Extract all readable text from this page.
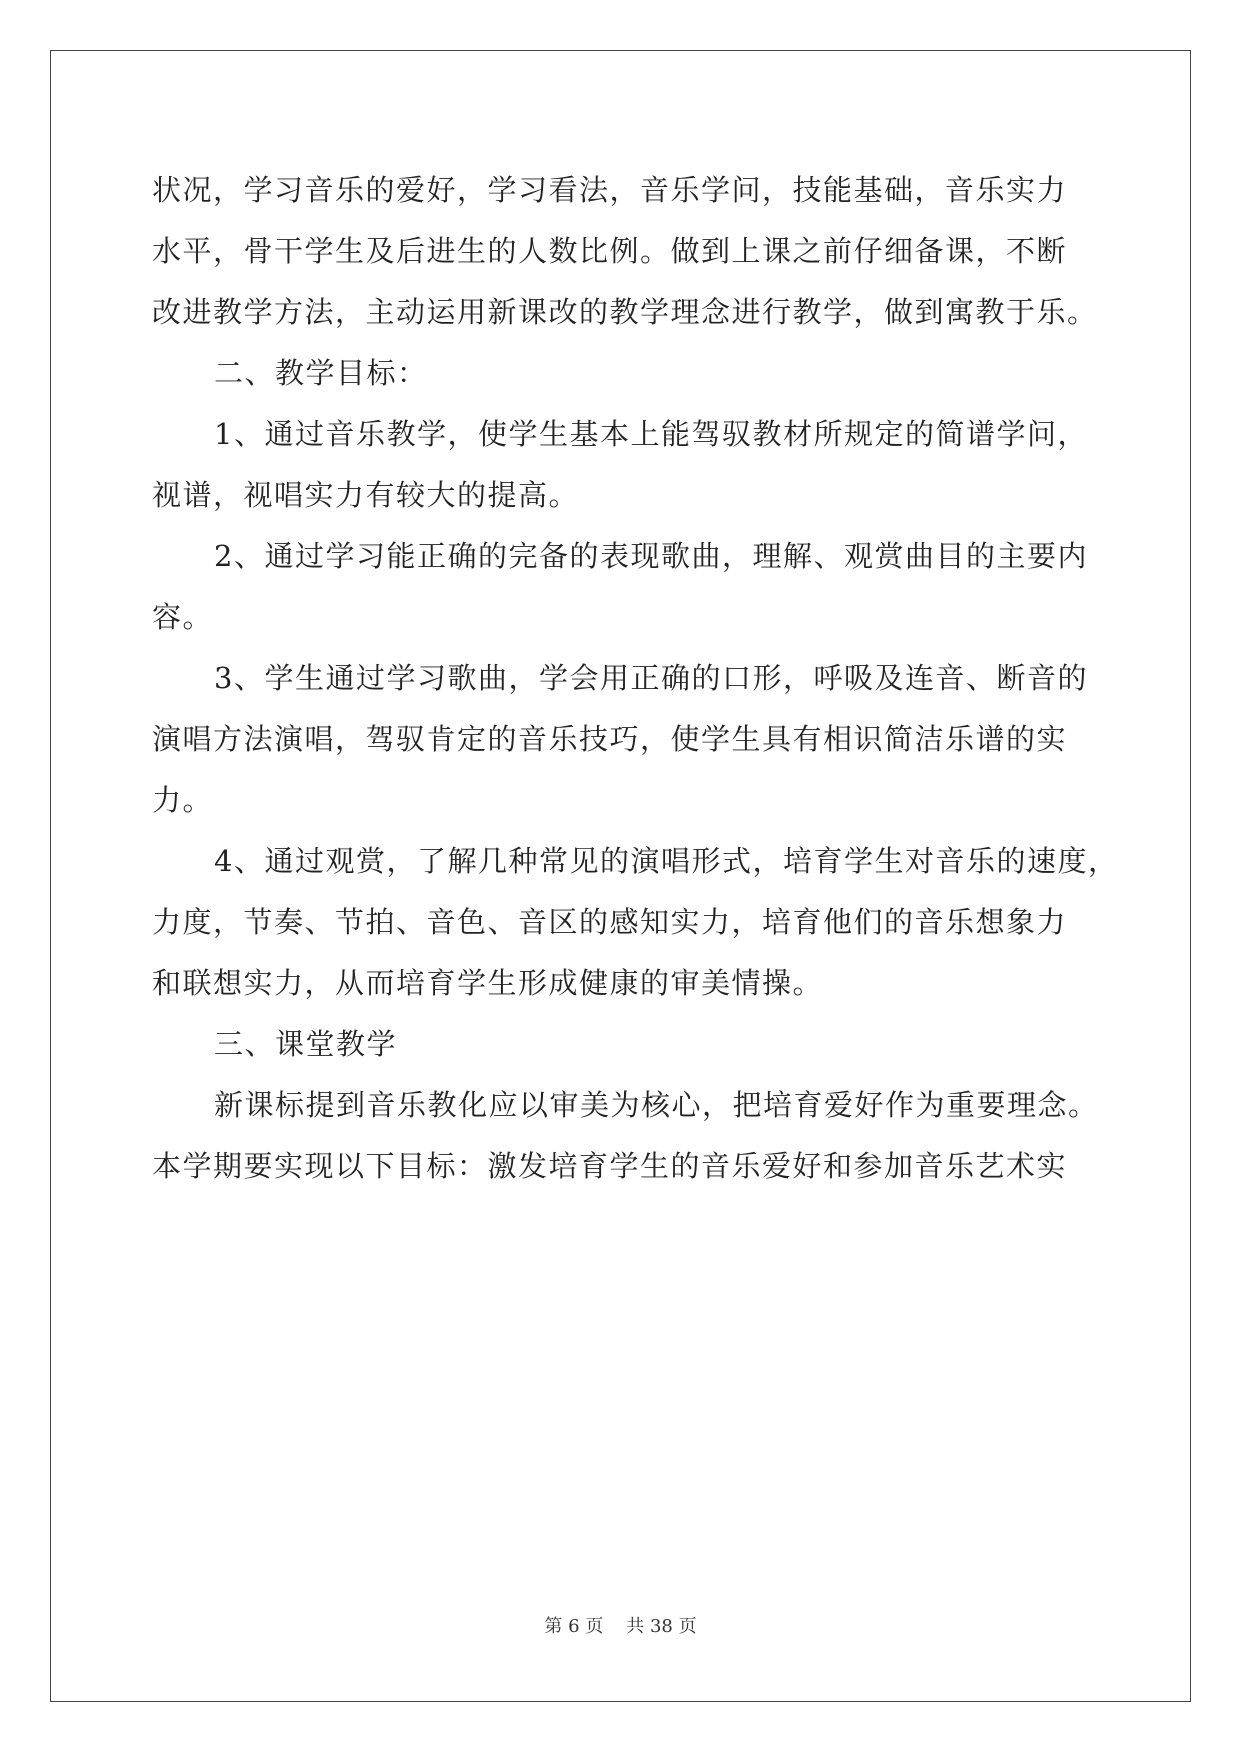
状况，学习音乐的爱好，学习看法，音乐学问，技能基础，音乐实力
水平，骨干学生及后进生的人数比例。做到上课之前仔细备课，不断
改进教学方法，主动运用新课改的教学理念进行教学，做到寓教于乐。
二、教学目标：
1、通过音乐教学，使学生基本上能驾驭教材所规定的简谱学问，
视谱，视唱实力有较大的提高。
2、通过学习能正确的完备的表现歌曲，理解、观赏曲目的主要内
容。
3、学生通过学习歌曲，学会用正确的口形，呼吸及连音、断音的
演唱方法演唱，驾驭肯定的音乐技巧，使学生具有相识简洁乐谱的实
力。
4、通过观赏，了解几种常见的演唱形式，培育学生对音乐的速度，
力度，节奏、节拍、音色、音区的感知实力，培育他们的音乐想象力
和联想实力，从而培育学生形成健康的审美情操。
三、课堂教学
新课标提到音乐教化应以审美为核心，把培育爱好作为重要理念。
本学期要实现以下目标：激发培育学生的音乐爱好和参加音乐艺术实
第 6 页 共 38 页
